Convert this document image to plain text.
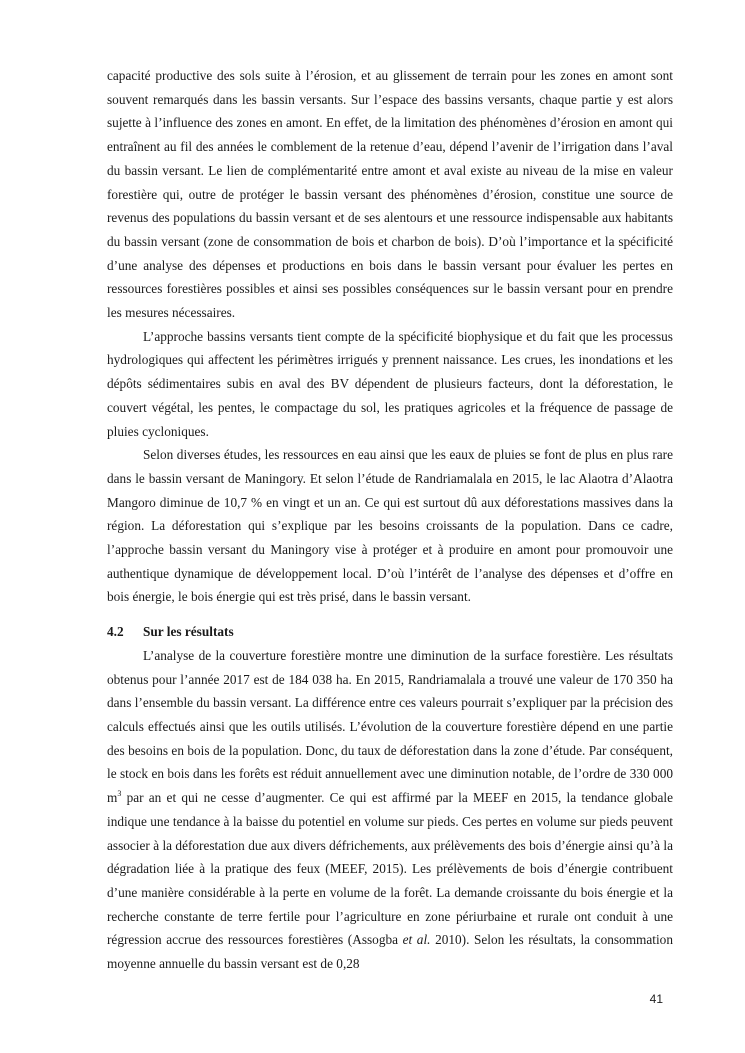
capacité productive des sols suite à l’érosion, et au glissement de terrain pour les zones en amont sont souvent remarqués dans les bassin versants. Sur l’espace des bassins versants, chaque partie y est alors sujette à l’influence des zones en amont. En effet, de la limitation des phénomènes d’érosion en amont qui entraînent au fil des années le comblement de la retenue d’eau, dépend l’avenir de l’irrigation dans l’aval du bassin versant. Le lien de complémentarité entre amont et aval existe au niveau de la mise en valeur forestière qui, outre de protéger le bassin versant des phénomènes d’érosion, constitue une source de revenus des populations du bassin versant et de ses alentours et une ressource indispensable aux habitants du bassin versant (zone de consommation de bois et charbon de bois). D’où l’importance et la spécificité d’une analyse des dépenses et productions en bois dans le bassin versant pour évaluer les pertes en ressources forestières possibles et ainsi ses possibles conséquences sur le bassin versant pour en prendre les mesures nécessaires.

L’approche bassins versants tient compte de la spécificité biophysique et du fait que les processus hydrologiques qui affectent les périmètres irrigués y prennent naissance. Les crues, les inondations et les dépôts sédimentaires subis en aval des BV dépendent de plusieurs facteurs, dont la déforestation, le couvert végétal, les pentes, le compactage du sol, les pratiques agricoles et la fréquence de passage de pluies cycloniques.

Selon diverses études, les ressources en eau ainsi que les eaux de pluies se font de plus en plus rare dans le bassin versant de Maningory. Et selon l’étude de Randriamalala en 2015, le lac Alaotra d’Alaotra Mangoro diminue de 10,7 % en vingt et un an. Ce qui est surtout dû aux déforestations massives dans la région. La déforestation qui s’explique par les besoins croissants de la population. Dans ce cadre, l’approche bassin versant du Maningory vise à protéger et à produire en amont pour promouvoir une authentique dynamique de développement local. D’où l’intérêt de l’analyse des dépenses et d’offre en bois énergie, le bois énergie qui est très prisé, dans le bassin versant.

4.2 Sur les résultats

L’analyse de la couverture forestière montre une diminution de la surface forestière. Les résultats obtenus pour l’année 2017 est de 184 038 ha. En 2015, Randriamalala a trouvé une valeur de 170 350 ha dans l’ensemble du bassin versant. La différence entre ces valeurs pourrait s’expliquer par la précision des calculs effectués ainsi que les outils utilisés. L’évolution de la couverture forestière dépend en une partie des besoins en bois de la population. Donc, du taux de déforestation dans la zone d’étude. Par conséquent, le stock en bois dans les forêts est réduit annuellement avec une diminution notable, de l’ordre de 330 000 $m^3$ par an et qui ne cesse d’augmenter. Ce qui est affirmé par la MEEF en 2015, la tendance globale indique une tendance à la baisse du potentiel en volume sur pieds. Ces pertes en volume sur pieds peuvent associer à la déforestation due aux divers défrichements, aux prélèvements des bois d’énergie ainsi qu’à la dégradation liée à la pratique des feux (MEEF, 2015). Les prélèvements de bois d’énergie contribuent d’une manière considérable à la perte en volume de la forêt. La demande croissante du bois énergie et la recherche constante de terre fertile pour l’agriculture en zone périurbaine et rurale ont conduit à une régression accrue des ressources forestières (Assogba et al. 2010). Selon les résultats, la consommation moyenne annuelle du bassin versant est de 0,28

41
